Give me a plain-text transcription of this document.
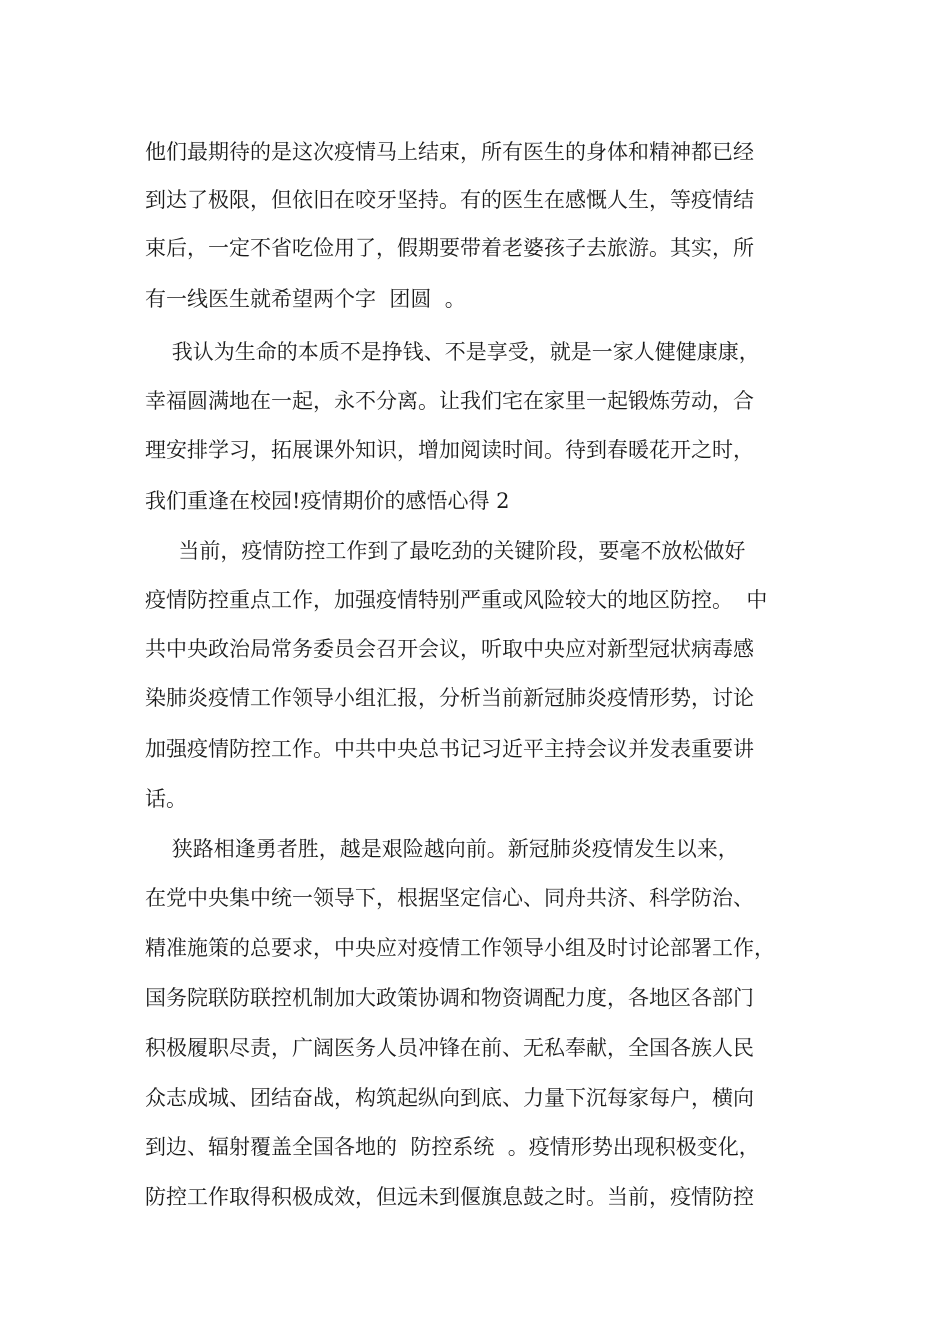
他们最期待的是这次疫情马上结束，所有医生的身体和精神都已经
到达了极限，但依旧在咬牙坚持。有的医生在感慨人生，等疫情结
束后，一定不省吃俭用了，假期要带着老婆孩子去旅游。其实，所
有一线医生就希望两个字  团圆  。
我认为生命的本质不是挣钱、不是享受，就是一家人健健康康，
幸福圆满地在一起，永不分离。让我们宅在家里一起锻炼劳动，合
理安排学习，拓展课外知识，增加阅读时间。待到春暖花开之时，
我们重逢在校园!疫情期价的感悟心得 2
当前，疫情防控工作到了最吃劲的关键阶段，要毫不放松做好
疫情防控重点工作，加强疫情特别严重或风险较大的地区防控。  中
共中央政治局常务委员会召开会议，听取中央应对新型冠状病毒感
染肺炎疫情工作领导小组汇报，分析当前新冠肺炎疫情形势，讨论
加强疫情防控工作。中共中央总书记习近平主持会议并发表重要讲
话。
狭路相逢勇者胜，越是艰险越向前。新冠肺炎疫情发生以来，
在党中央集中统一领导下，根据坚定信心、同舟共济、科学防治、
精准施策的总要求，中央应对疫情工作领导小组及时讨论部署工作，
国务院联防联控机制加大政策协调和物资调配力度，各地区各部门
积极履职尽责，广阔医务人员冲锋在前、无私奉献，全国各族人民
众志成城、团结奋战，构筑起纵向到底、力量下沉每家每户，横向
到边、辐射覆盖全国各地的  防控系统  。疫情形势出现积极变化，
防控工作取得积极成效，但远未到偃旗息鼓之时。当前，疫情防控
